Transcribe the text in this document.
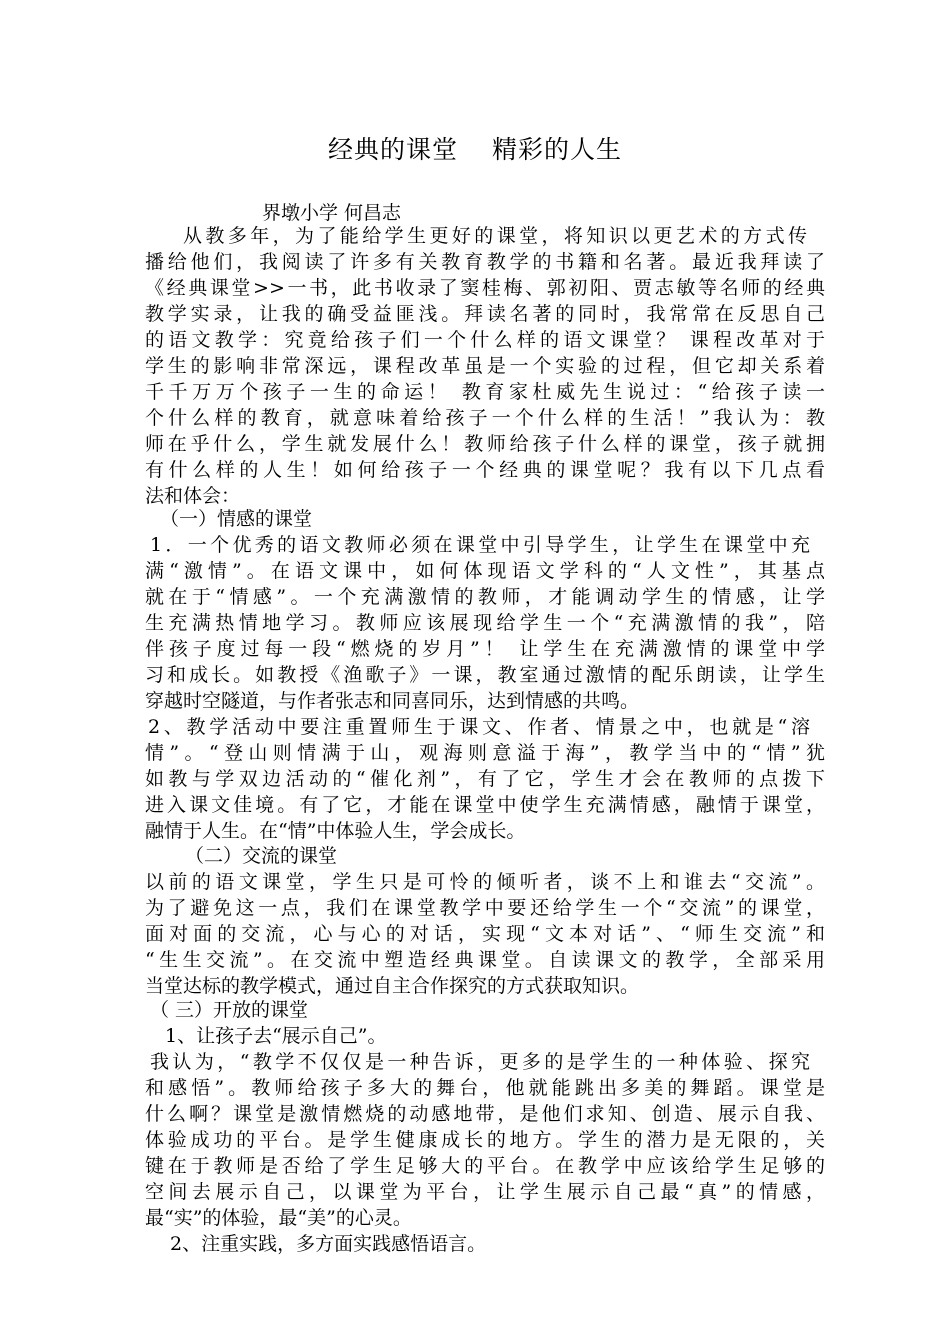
经典的课堂 精彩的人生
界墩小学 何昌志
从教多年，为了能给学生更好的课堂，将知识以更艺术的方式传
播给他们，我阅读了许多有关教育教学的书籍和名著。最近我拜读了
《经典课堂>>一书，此书收录了窦桂梅、郭初阳、贾志敏等名师的经典
教学实录，让我的确受益匪浅。拜读名著的同时，我常常在反思自己
的语文教学：究竟给孩子们一个什么样的语文课堂？ 课程改革对于
学生的影响非常深远，课程改革虽是一个实验的过程，但它却关系着
千千万万个孩子一生的命运！ 教育家杜威先生说过：“给孩子读一
个什么样的教育，就意味着给孩子一个什么样的生活！”我认为：教
师在乎什么，学生就发展什么！教师给孩子什么样的课堂，孩子就拥
有什么样的人生！如何给孩子一个经典的课堂呢？我有以下几点看
法和体会：
（一）情感的课堂
1．一个优秀的语文教师必须在课堂中引导学生，让学生在课堂中充
满“激情”。在语文课中，如何体现语文学科的“人文性”，其基点
就在于“情感”。一个充满激情的教师，才能调动学生的情感，让学
生充满热情地学习。教师应该展现给学生一个“充满激情的我”，陪
伴孩子度过每一段“燃烧的岁月”！ 让学生在充满激情的课堂中学
习和成长。如教授《渔歌子》一课，教室通过激情的配乐朗读，让学生
穿越时空隧道，与作者张志和同喜同乐，达到情感的共鸣。
2、教学活动中要注重置师生于课文、作者、情景之中，也就是“溶
情”。“登山则情满于山，观海则意溢于海”，教学当中的“情”犹
如教与学双边活动的“催化剂”，有了它，学生才会在教师的点拨下
进入课文佳境。有了它，才能在课堂中使学生充满情感，融情于课堂，
融情于人生。在“情”中体验人生，学会成长。
（二）交流的课堂
以前的语文课堂，学生只是可怜的倾听者，谈不上和谁去“交流”。
为了避免这一点，我们在课堂教学中要还给学生一个“交流”的课堂，
面对面的交流，心与心的对话，实现“文本对话”、“师生交流”和
“生生交流”。在交流中塑造经典课堂。自读课文的教学，全部采用
当堂达标的教学模式，通过自主合作探究的方式获取知识。
（ 三）开放的课堂
1、让孩子去“展示自己”。
我认为，“教学不仅仅是一种告诉，更多的是学生的一种体验、探究
和感悟”。教师给孩子多大的舞台，他就能跳出多美的舞蹈。课堂是
什么啊？课堂是激情燃烧的动感地带，是他们求知、创造、展示自我、
体验成功的平台。是学生健康成长的地方。学生的潜力是无限的，关
键在于教师是否给了学生足够大的平台。在教学中应该给学生足够的
空间去展示自己，以课堂为平台，让学生展示自己最“真”的情感，
最“实”的体验，最“美”的心灵。
2、注重实践，多方面实践感悟语言。
